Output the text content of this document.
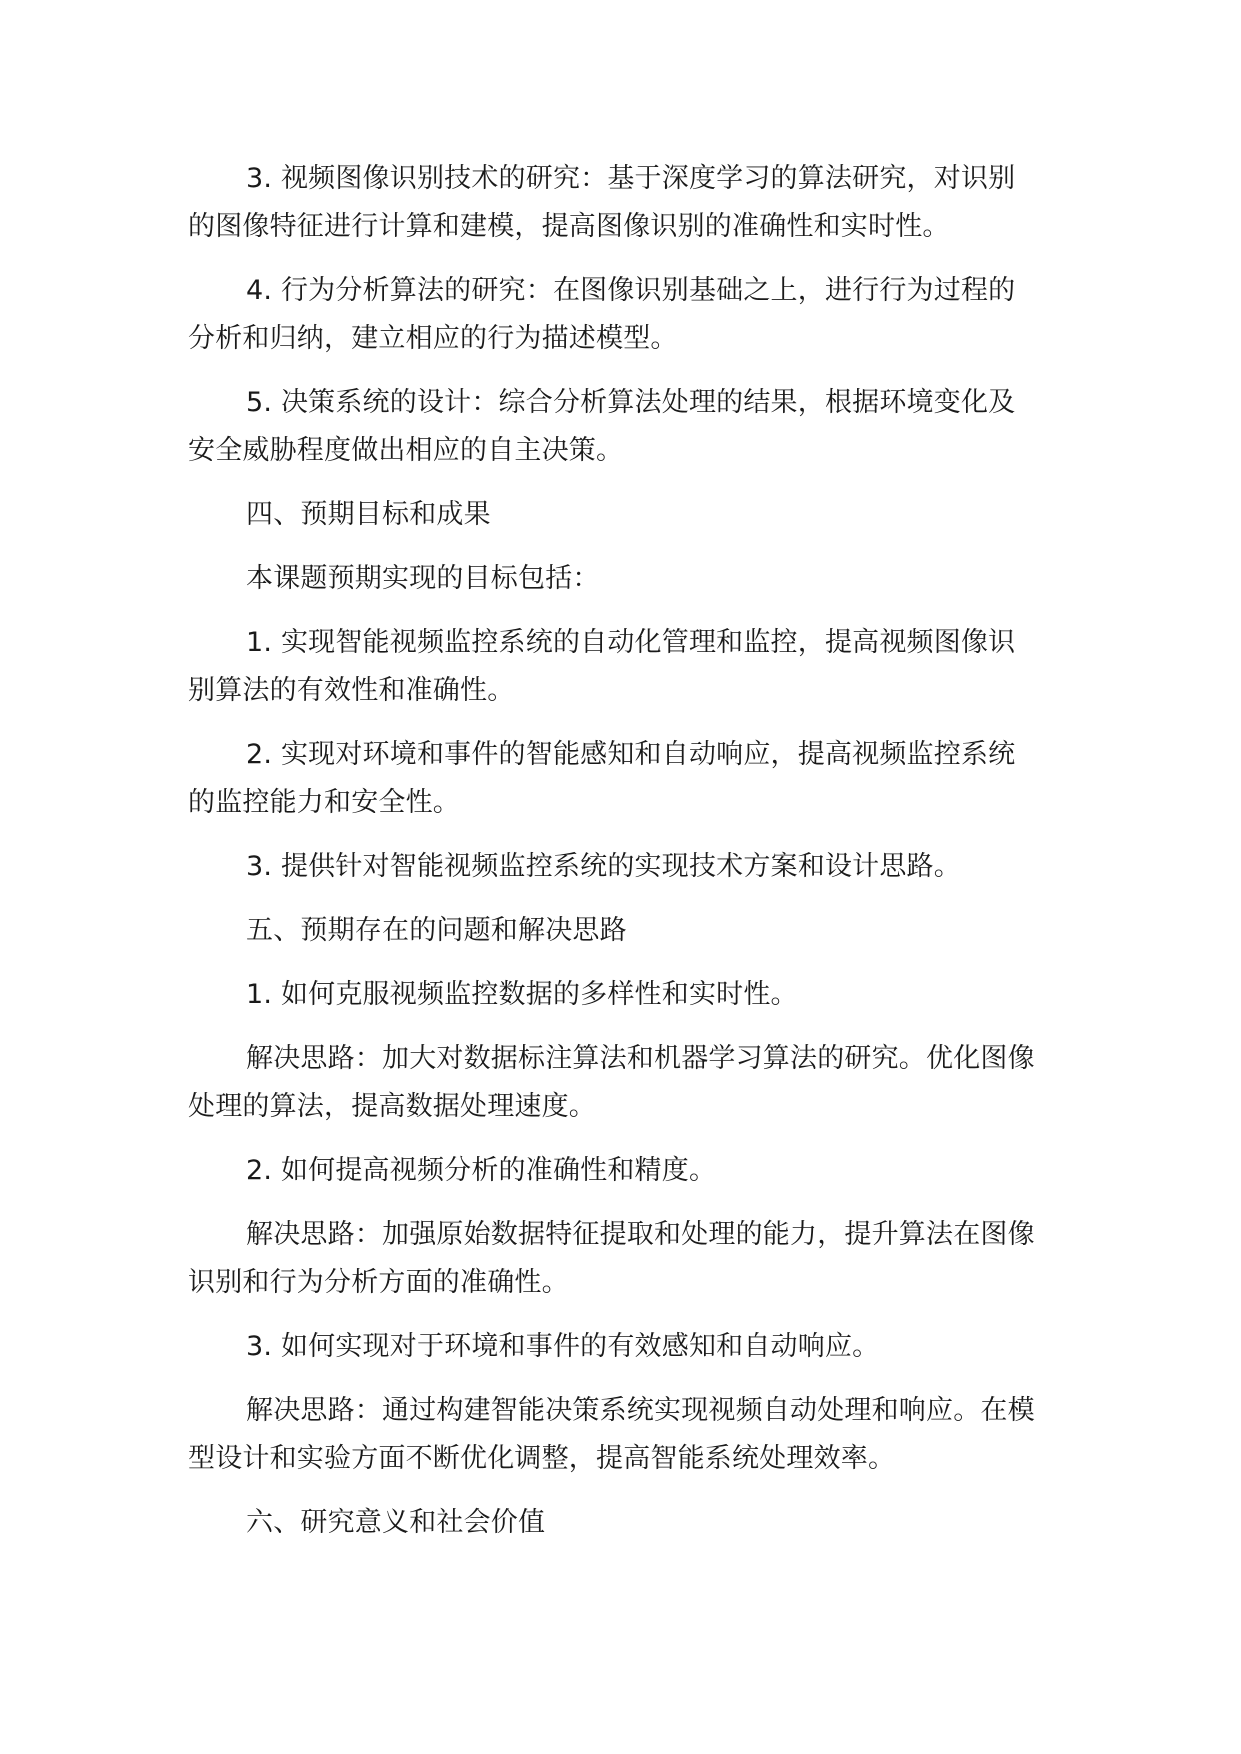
3. 视频图像识别技术的研究：基于深度学习的算法研究，对识别的图像特征进行计算和建模，提高图像识别的准确性和实时性。

4. 行为分析算法的研究：在图像识别基础之上，进行行为过程的分析和归纳，建立相应的行为描述模型。

5. 决策系统的设计：综合分析算法处理的结果，根据环境变化及安全威胁程度做出相应的自主决策。

四、预期目标和成果

本课题预期实现的目标包括：

1. 实现智能视频监控系统的自动化管理和监控，提高视频图像识别算法的有效性和准确性。

2. 实现对环境和事件的智能感知和自动响应，提高视频监控系统的监控能力和安全性。

3. 提供针对智能视频监控系统的实现技术方案和设计思路。

五、预期存在的问题和解决思路

1. 如何克服视频监控数据的多样性和实时性。

解决思路：加大对数据标注算法和机器学习算法的研究。优化图像处理的算法，提高数据处理速度。

2. 如何提高视频分析的准确性和精度。

解决思路：加强原始数据特征提取和处理的能力，提升算法在图像识别和行为分析方面的准确性。

3. 如何实现对于环境和事件的有效感知和自动响应。

解决思路：通过构建智能决策系统实现视频自动处理和响应。在模型设计和实验方面不断优化调整，提高智能系统处理效率。

六、研究意义和社会价值
